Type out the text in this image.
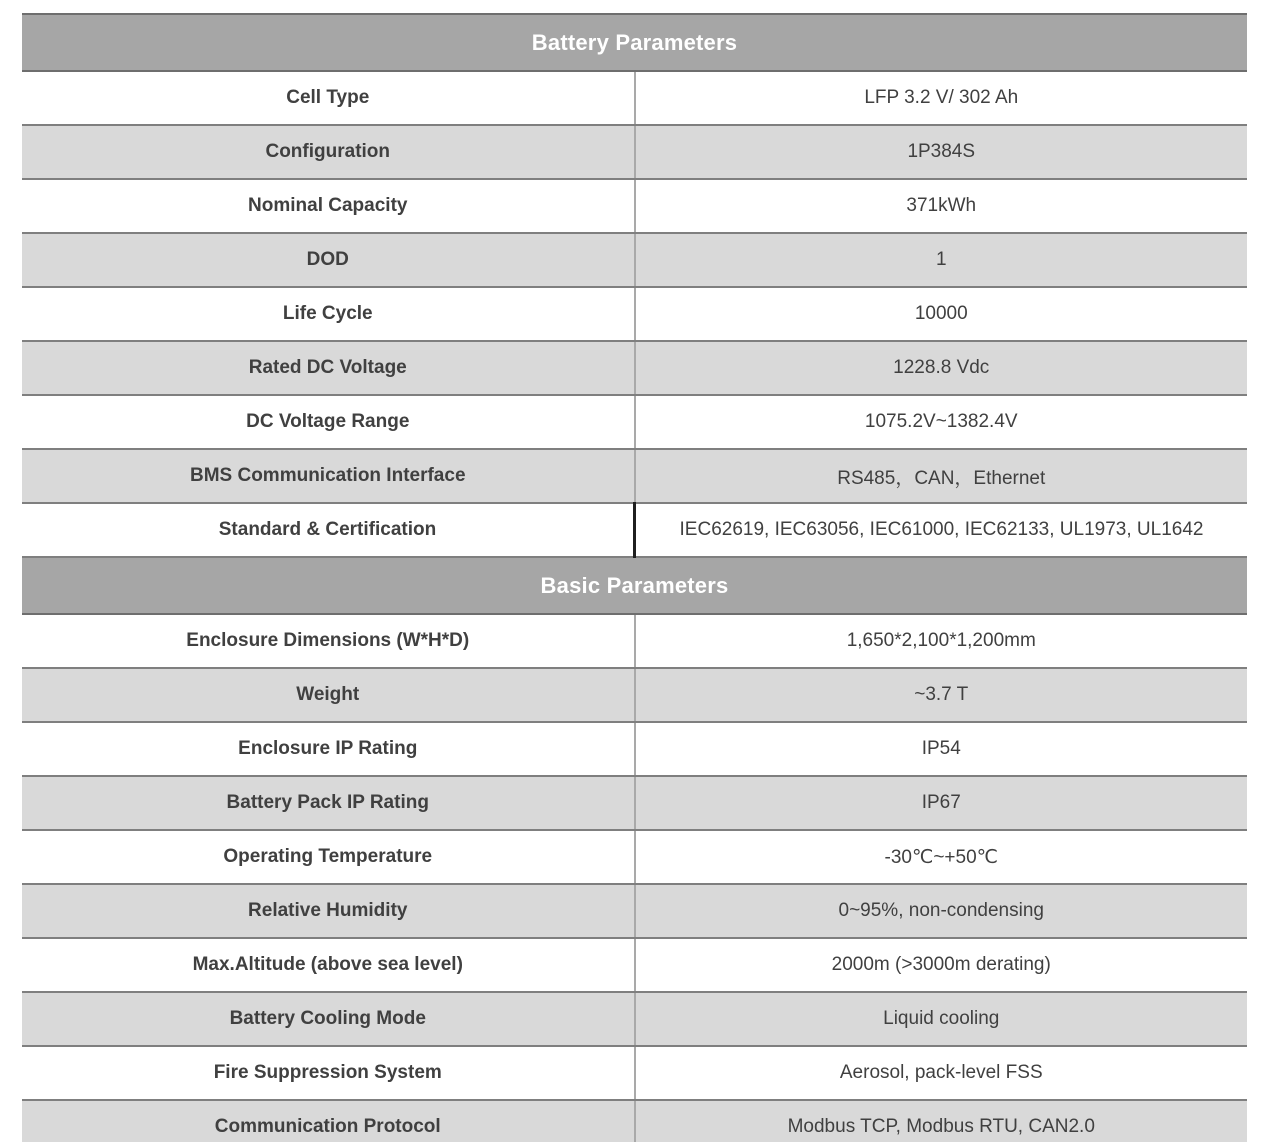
Battery Parameters	
Cell Type	LFP 3.2 V/ 302 Ah
Configuration	1P384S
Nominal Capacity	371kWh
DOD	1
Life Cycle	10000
Rated DC Voltage	1228.8 Vdc
DC Voltage Range	1075.2V~1382.4V
BMS Communication Interface	RS485，CAN，Ethernet
Standard & Certification	IEC62619, IEC63056, IEC61000, IEC62133, UL1973, UL1642
Basic Parameters	
Enclosure Dimensions (W*H*D)	1,650*2,100*1,200mm
Weight	~3.7 T
Enclosure IP Rating	IP54
Battery Pack IP Rating	IP67
Operating Temperature	-30℃~+50℃
Relative Humidity	0~95%, non-condensing
Max.Altitude (above sea level)	2000m (>3000m derating)
Battery Cooling Mode	Liquid cooling
Fire Suppression System	Aerosol, pack-level FSS
Communication Protocol	Modbus TCP, Modbus RTU, CAN2.0
